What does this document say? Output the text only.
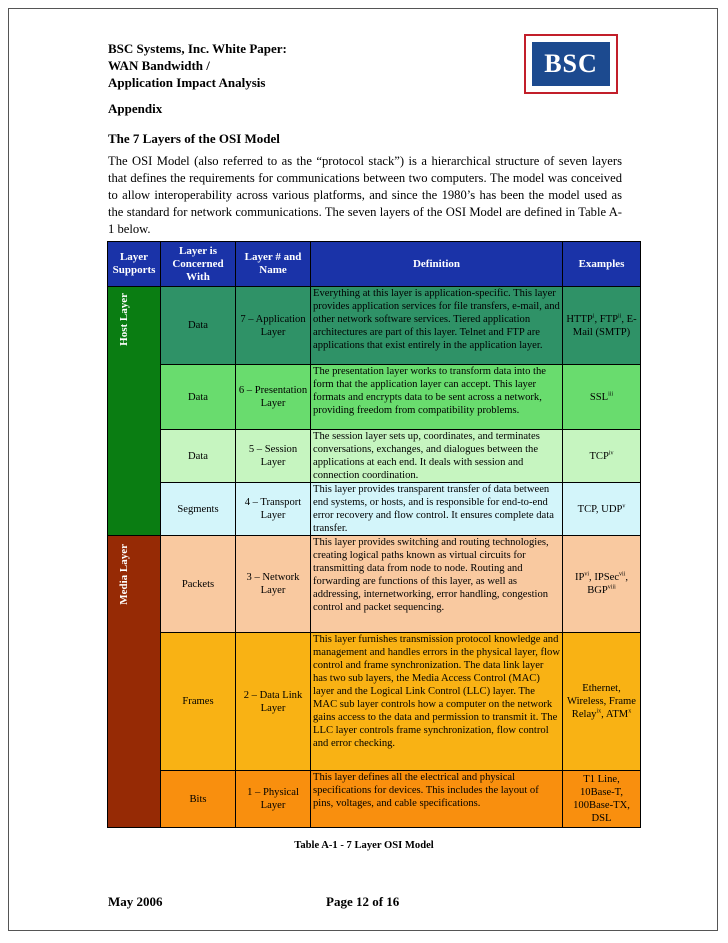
BSC Systems, Inc. White Paper:
WAN Bandwidth /
Application Impact Analysis
BSC
Appendix
The 7 Layers of the OSI Model
The OSI Model (also referred to as the “protocol stack”) is a hierarchical structure of seven layers that defines the requirements for communications between two computers. The model was conceived to allow interoperability across various platforms, and since the 1980’s has been the model used as the standard for network communications. The seven layers of the OSI Model are defined in Table A-1 below.
Layer Supports	Layer is Concerned With	Layer # and Name	Definition	Examples
Host Layer	Data	7 – Application Layer	Everything at this layer is application-specific. This layer provides application services for file transfers, e-mail, and other network software services. Tiered application architectures are part of this layer. Telnet and FTP are applications that exist entirely in the application layer.	HTTP$^i$, FTP$^{ii}$, E-Mail (SMTP)
	Data	6 – Presentation Layer	The presentation layer works to transform data into the form that the application layer can accept. This layer formats and encrypts data to be sent across a network, providing freedom from compatibility problems.	SSL$^{iii}$
	Data	5 – Session Layer	The session layer sets up, coordinates, and terminates conversations, exchanges, and dialogues between the applications at each end. It deals with session and connection coordination.	TCP$^{iv}$
	Segments	4 – Transport Layer	This layer provides transparent transfer of data between end systems, or hosts, and is responsible for end-to-end error recovery and flow control. It ensures complete data transfer.	TCP, UDP$^v$
Media Layer	Packets	3 – Network Layer	This layer provides switching and routing technologies, creating logical paths known as virtual circuits for transmitting data from node to node. Routing and forwarding are functions of this layer, as well as addressing, internetworking, error handling, congestion control and packet sequencing.	IP$^{vi}$, IPSec$^{vii}$, BGP$^{viii}$
	Frames	2 – Data Link Layer	This layer furnishes transmission protocol knowledge and management and handles errors in the physical layer, flow control and frame synchronization. The data link layer has two sub layers, the Media Access Control (MAC) layer and the Logical Link Control (LLC) layer. The MAC sub layer controls how a computer on the network gains access to the data and permission to transmit it. The LLC layer controls frame synchronization, flow control and error checking.	Ethernet, Wireless, Frame Relay$^{ix}$, ATM$^x$
	Bits	1 – Physical Layer	This layer defines all the electrical and physical specifications for devices. This includes the layout of pins, voltages, and cable specifications.	T1 Line, 10Base-T, 100Base-TX, DSL
Table A-1 - 7 Layer OSI Model
May 2006	Page 12 of 16
